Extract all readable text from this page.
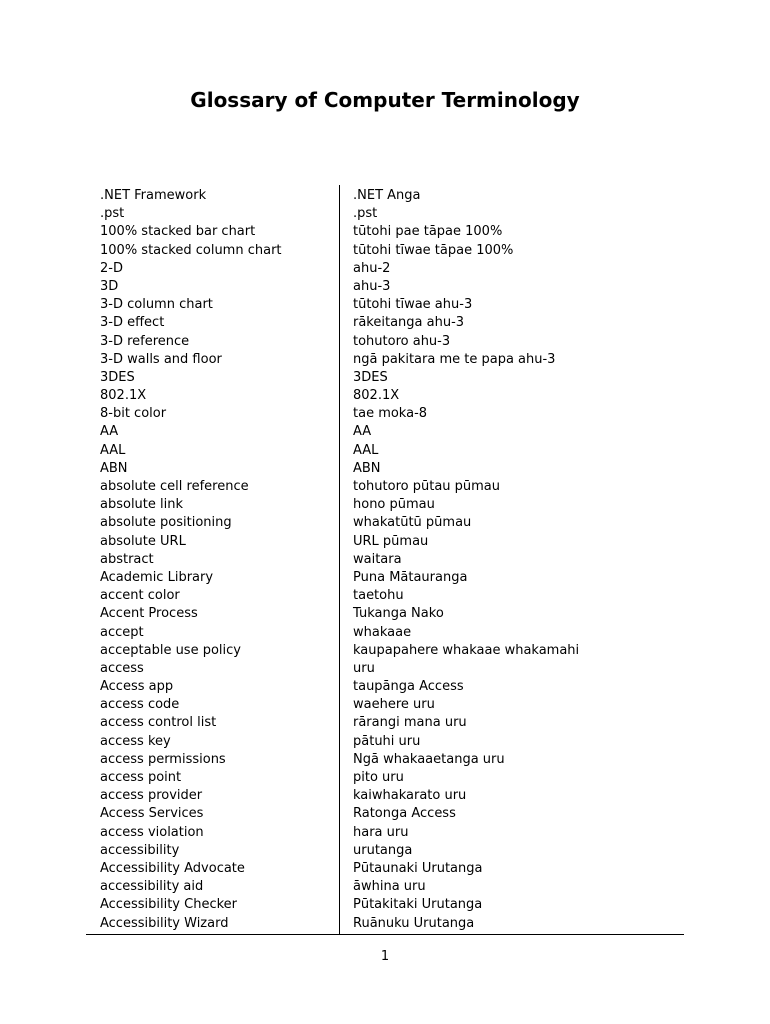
Glossary of Computer Terminology
.NET Framework	.NET Anga
.pst	.pst
100% stacked bar chart	tūtohi pae tāpae 100%
100% stacked column chart	tūtohi tīwae tāpae 100%
2-D	ahu-2
3D	ahu-3
3-D column chart	tūtohi tīwae ahu-3
3-D effect	rākeitanga ahu-3
3-D reference	tohutoro ahu-3
3-D walls and floor	ngā pakitara me te papa ahu-3
3DES	3DES
802.1X	802.1X
8-bit color	tae moka-8
AA	AA
AAL	AAL
ABN	ABN
absolute cell reference	tohutoro pūtau pūmau
absolute link	hono pūmau
absolute positioning	whakatūtū pūmau
absolute URL	URL pūmau
abstract	waitara
Academic Library	Puna Mātauranga
accent color	taetohu
Accent Process	Tukanga Nako
accept	whakaae
acceptable use policy	kaupapahere whakaae whakamahi
access	uru
Access app	taupānga Access
access code	waehere uru
access control list	rārangi mana uru
access key	pātuhi uru
access permissions	Ngā whakaaetanga uru
access point	pito uru
access provider	kaiwhakarato uru
Access Services	Ratonga Access
access violation	hara uru
accessibility	urutanga
Accessibility Advocate	Pūtaunaki Urutanga
accessibility aid	āwhina uru
Accessibility Checker	Pūtakitaki Urutanga
Accessibility Wizard	Ruānuku Urutanga
1
